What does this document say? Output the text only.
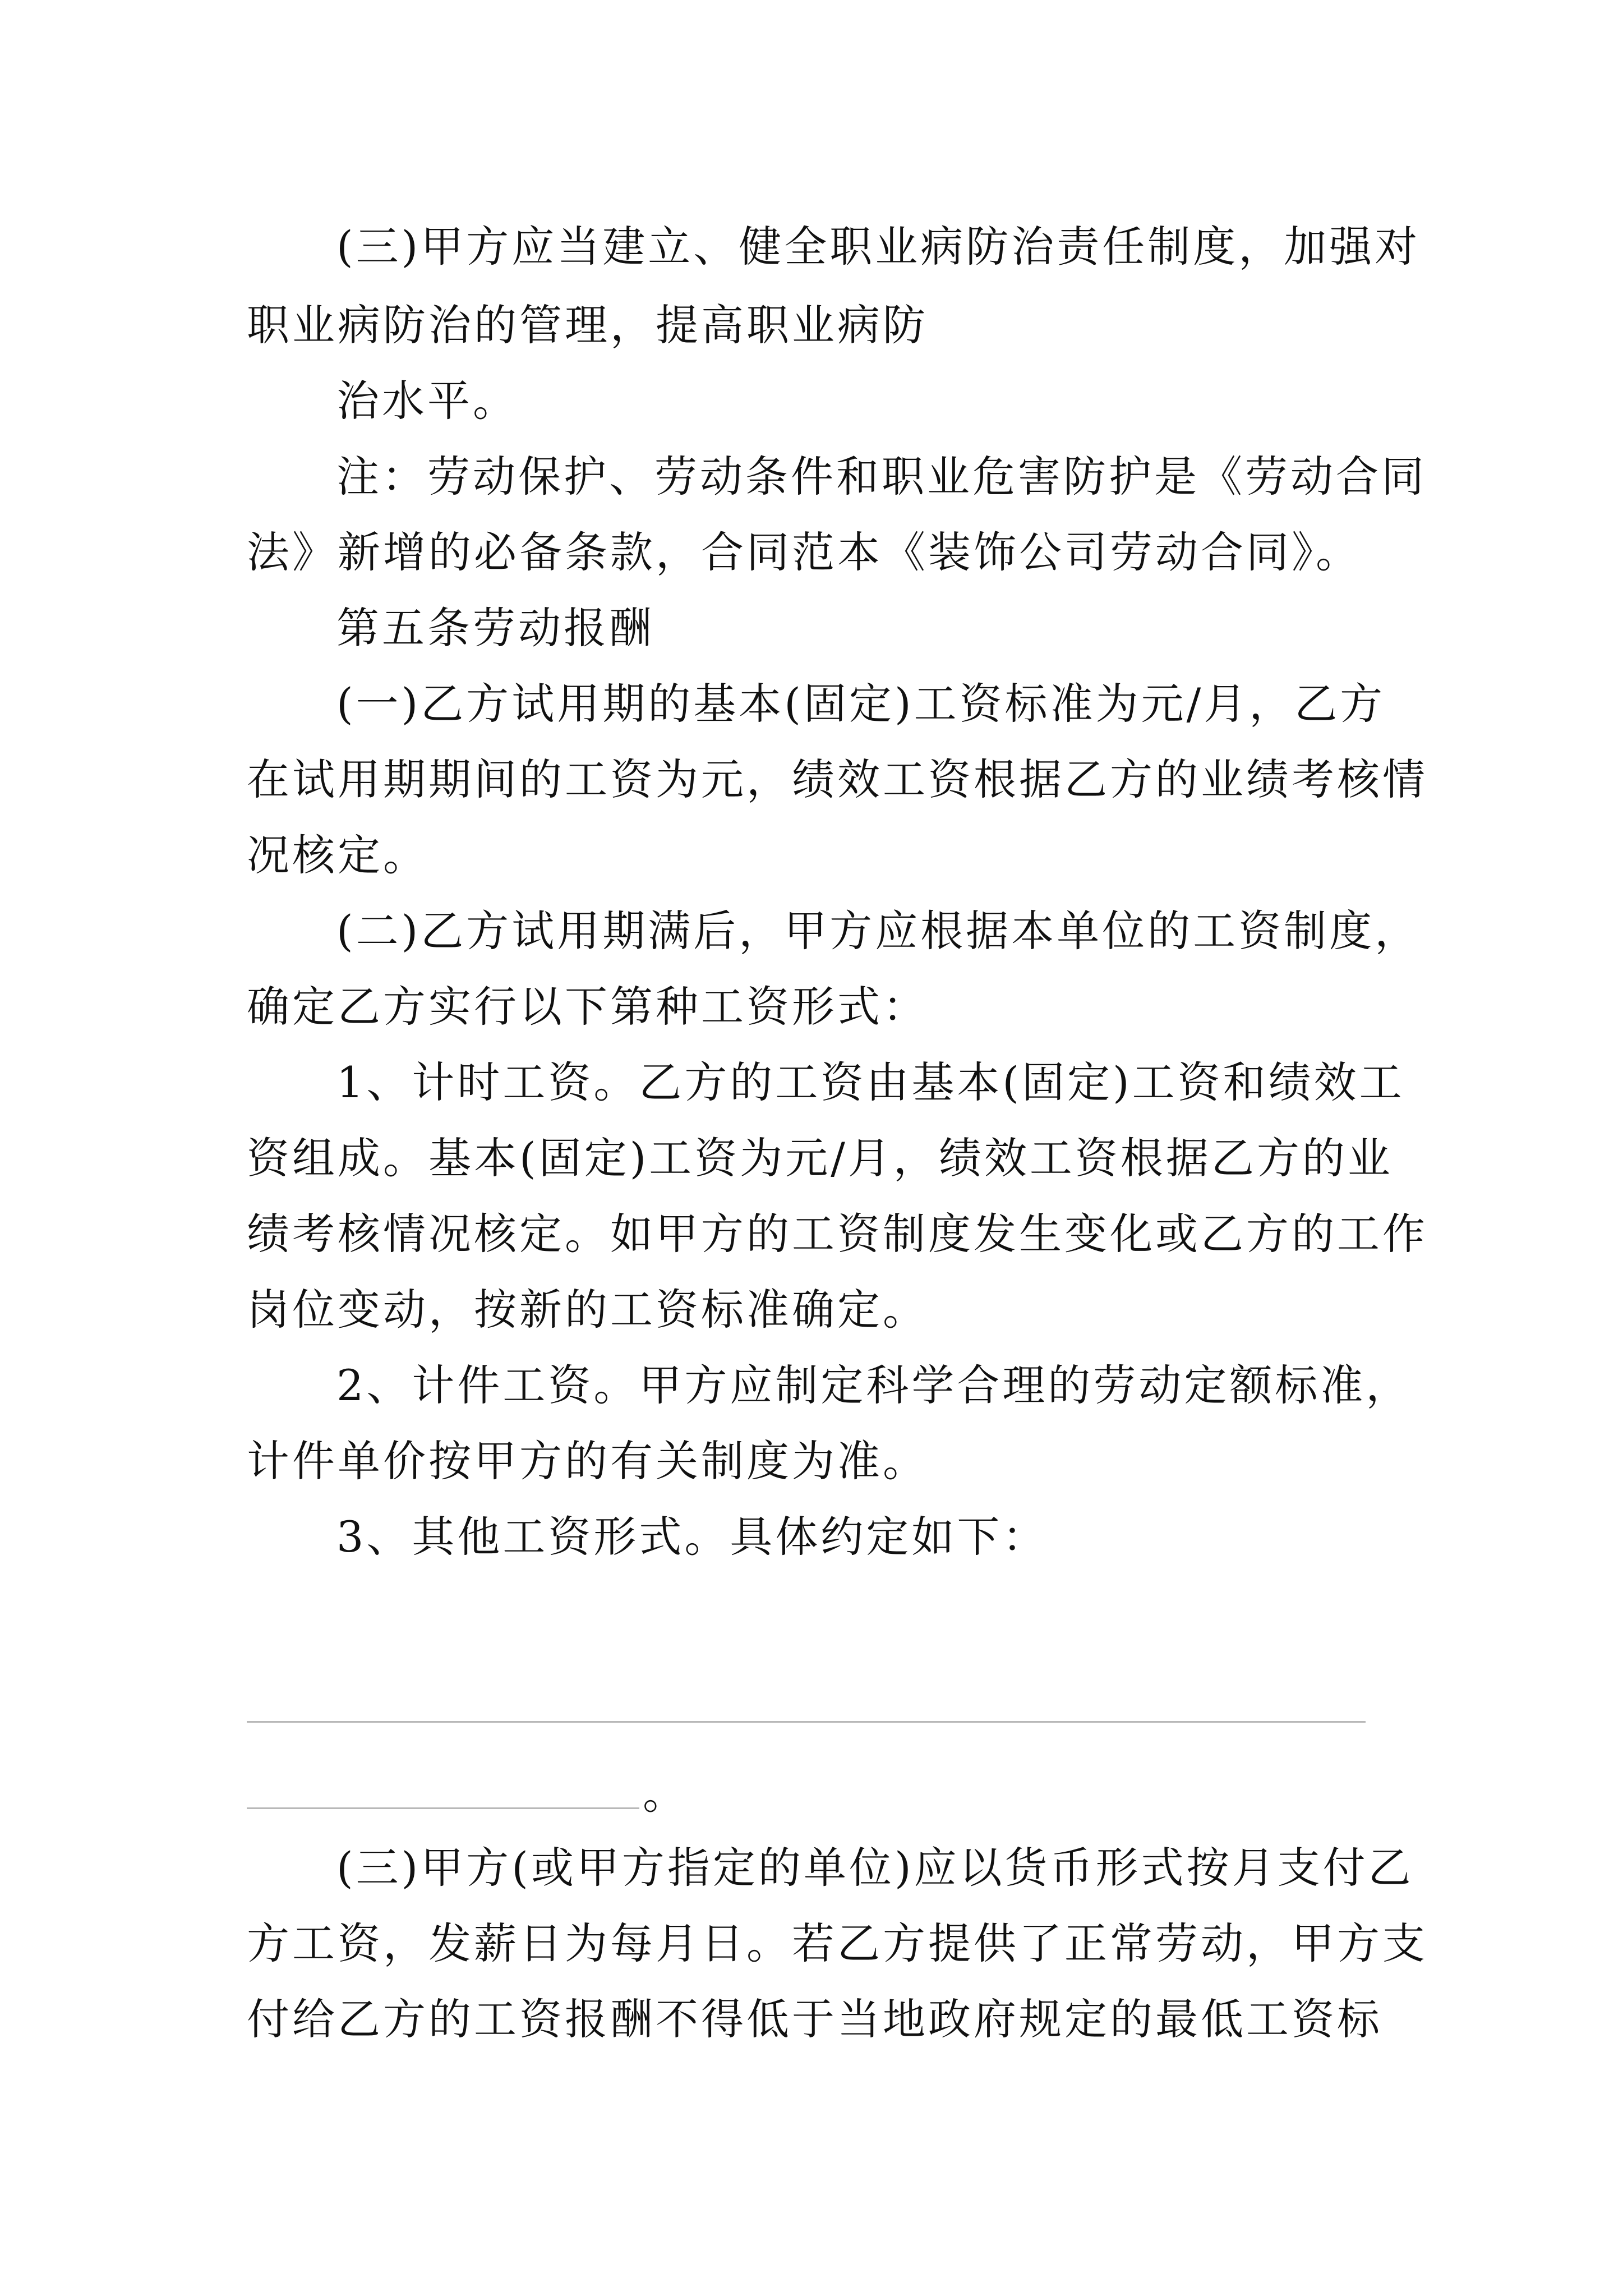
(三)甲方应当建立、健全职业病防治责任制度，加强对
职业病防治的管理，提高职业病防
治水平。
注：劳动保护、劳动条件和职业危害防护是《劳动合同
法》新增的必备条款，合同范本《装饰公司劳动合同》。
第五条劳动报酬
(一)乙方试用期的基本(固定)工资标准为元/月，乙方
在试用期期间的工资为元，绩效工资根据乙方的业绩考核情
况核定。
(二)乙方试用期满后，甲方应根据本单位的工资制度，
确定乙方实行以下第种工资形式：
1、计时工资。乙方的工资由基本(固定)工资和绩效工
资组成。基本(固定)工资为元/月，绩效工资根据乙方的业
绩考核情况核定。如甲方的工资制度发生变化或乙方的工作
岗位变动，按新的工资标准确定。
2、计件工资。甲方应制定科学合理的劳动定额标准，
计件单价按甲方的有关制度为准。
3、其他工资形式。具体约定如下：
。
(三)甲方(或甲方指定的单位)应以货币形式按月支付乙
方工资，发薪日为每月日。若乙方提供了正常劳动，甲方支
付给乙方的工资报酬不得低于当地政府规定的最低工资标
